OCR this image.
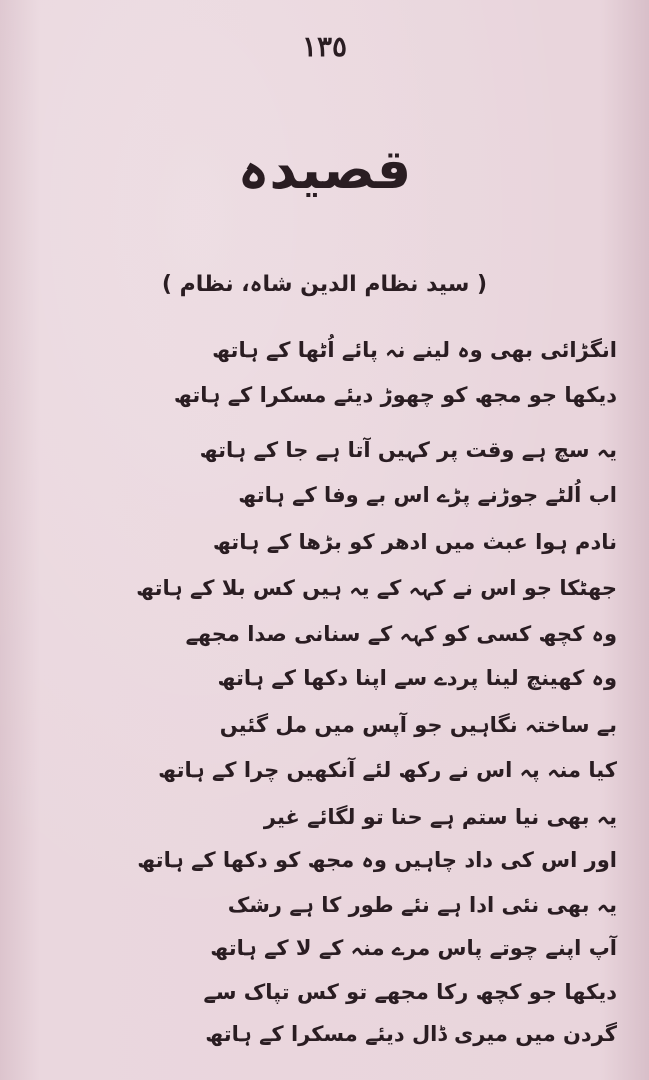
١٣٥
قصیدہ
( سید نظام الدین شاہ، نظام )
انگڑائی بھی وہ لینے نہ پائے اُٹھا کے ہاتھ
دیکھا جو مجھ کو چھوڑ دیئے مسکرا کے ہاتھ
یہ سچ ہے وقت پر کہیں آتا ہے جا کے ہاتھ
اب اُلٹے جوڑنے پڑے اس بے وفا کے ہاتھ
نادم ہوا عبث میں ادھر کو بڑھا کے ہاتھ
جھٹکا جو اس نے کہہ کے یہ ہیں کس بلا کے ہاتھ
وہ کچھ کسی کو کہہ کے سنانی صدا مجھے
وہ کھینچ لینا پردے سے اپنا دکھا کے ہاتھ
بے ساختہ نگاہیں جو آپس میں مل گئیں
کیا منہ پہ اس نے رکھ لئے آنکھیں چرا کے ہاتھ
یہ بھی نیا ستم ہے حنا تو لگائے غیر
اور اس کی داد چاہیں وہ مجھ کو دکھا کے ہاتھ
یہ بھی نئی ادا ہے نئے طور کا ہے رشک
آپ اپنے چوتے پاس مرے منہ کے لا کے ہاتھ
دیکھا جو کچھ رکا مجھے تو کس تپاک سے
گردن میں میری ڈال دیئے مسکرا کے ہاتھ
